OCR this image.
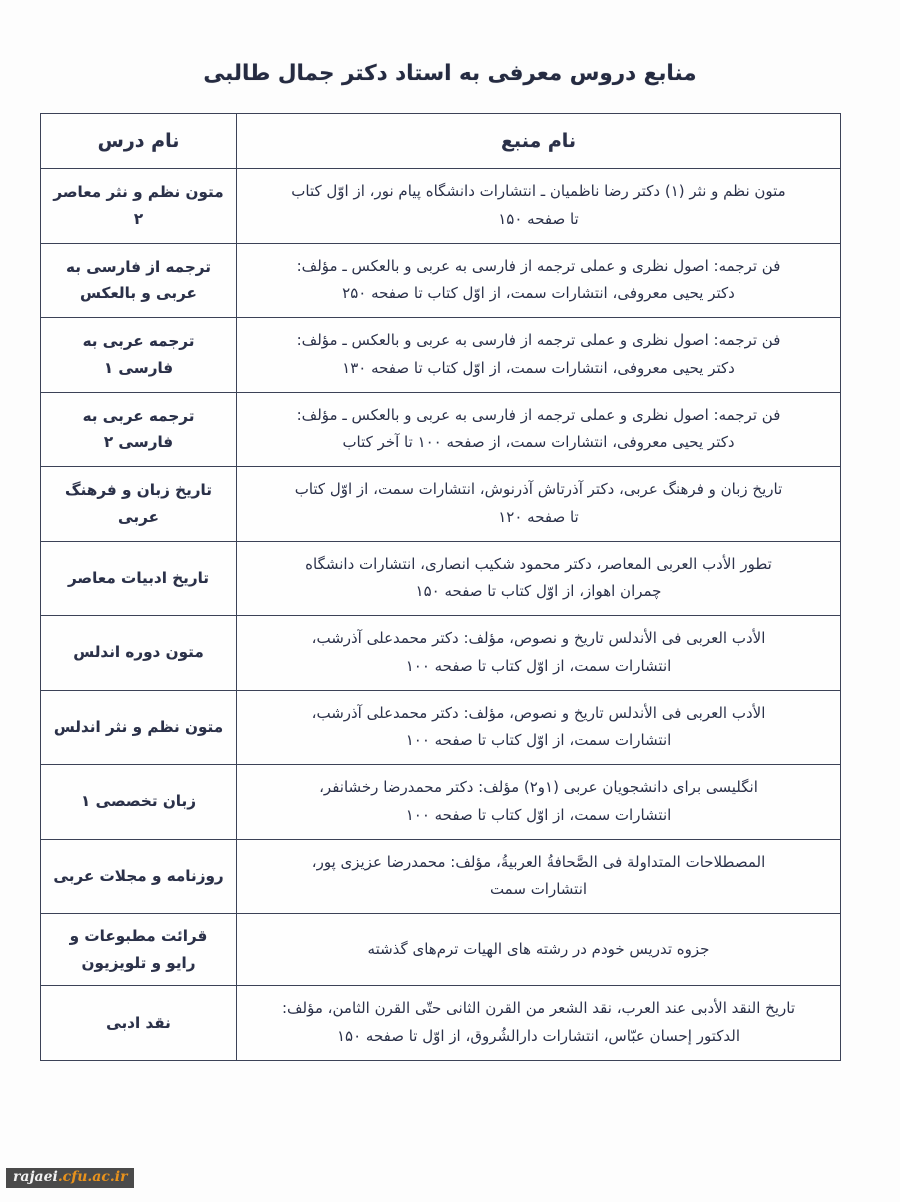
منابع دروس معرفی به استاد دکتر جمال طالبی
نام منبع	نام درس

متون نظم و نثر (۱) دکتر رضا ناظمیان ـ انتشارات دانشگاه پیام نور، از اوّل کتاب
تا صفحه ۱۵۰	متون نظم و نثر معاصر ۲

فن ترجمه: اصول نظری و عملی ترجمه از فارسی به عربی و بالعکس ـ مؤلف:
دکتر یحیی معروفی، انتشارات سمت، از اوّل کتاب تا صفحه ۲۵۰	ترجمه از فارسی به عربی و بالعکس

فن ترجمه: اصول نظری و عملی ترجمه از فارسی به عربی و بالعکس ـ مؤلف:
دکتر یحیی معروفی، انتشارات سمت، از اوّل کتاب تا صفحه ۱۳۰	ترجمه عربی به فارسی ۱

فن ترجمه: اصول نظری و عملی ترجمه از فارسی به عربی و بالعکس ـ مؤلف:
دکتر یحیی معروفی، انتشارات سمت، از صفحه ۱۰۰ تا آخر کتاب	ترجمه عربی به فارسی ۲

تاریخ زبان و فرهنگ عربی، دکتر آذرتاش آذرنوش، انتشارات سمت، از اوّل کتاب
تا صفحه ۱۲۰	تاریخ زبان و فرهنگ عربی

تطور الأدب العربی المعاصر، دکتر محمود شکیب انصاری، انتشارات دانشگاه
چمران اهواز، از اوّل کتاب تا صفحه ۱۵۰	تاریخ ادبیات معاصر

الأدب العربی فی الأندلس تاریخ و نصوص، مؤلف: دکتر محمدعلی آذرشب،
انتشارات سمت، از اوّل کتاب تا صفحه ۱۰۰	متون دوره اندلس

الأدب العربی فی الأندلس تاریخ و نصوص، مؤلف: دکتر محمدعلی آذرشب،
انتشارات سمت، از اوّل کتاب تا صفحه ۱۰۰	متون نظم و نثر اندلس

انگلیسی برای دانشجویان عربی (۱و۲) مؤلف: دکتر محمدرضا رخشانفر،
انتشارات سمت، از اوّل کتاب تا صفحه ۱۰۰	زبان تخصصی ۱

المصطلاحات المتداولة فی الصَّحافةُ العربیةُ، مؤلف: محمدرضا عزیزی پور،
انتشارات سمت	روزنامه و مجلات عربی

جزوه تدریس خودم در رشته های الهیات ترم‌های گذشته	قرائت مطبوعات و رایو و تلویزیون

تاریخ النقد الأدبی عند العرب، نقد الشعر من القرن الثانی حتّی القرن الثامن، مؤلف:
الدکتور إحسان عبّاس، انتشارات دارالشُروق، از اوّل تا صفحه ۱۵۰	نقد ادبی
rajaei.cfu.ac.ir
